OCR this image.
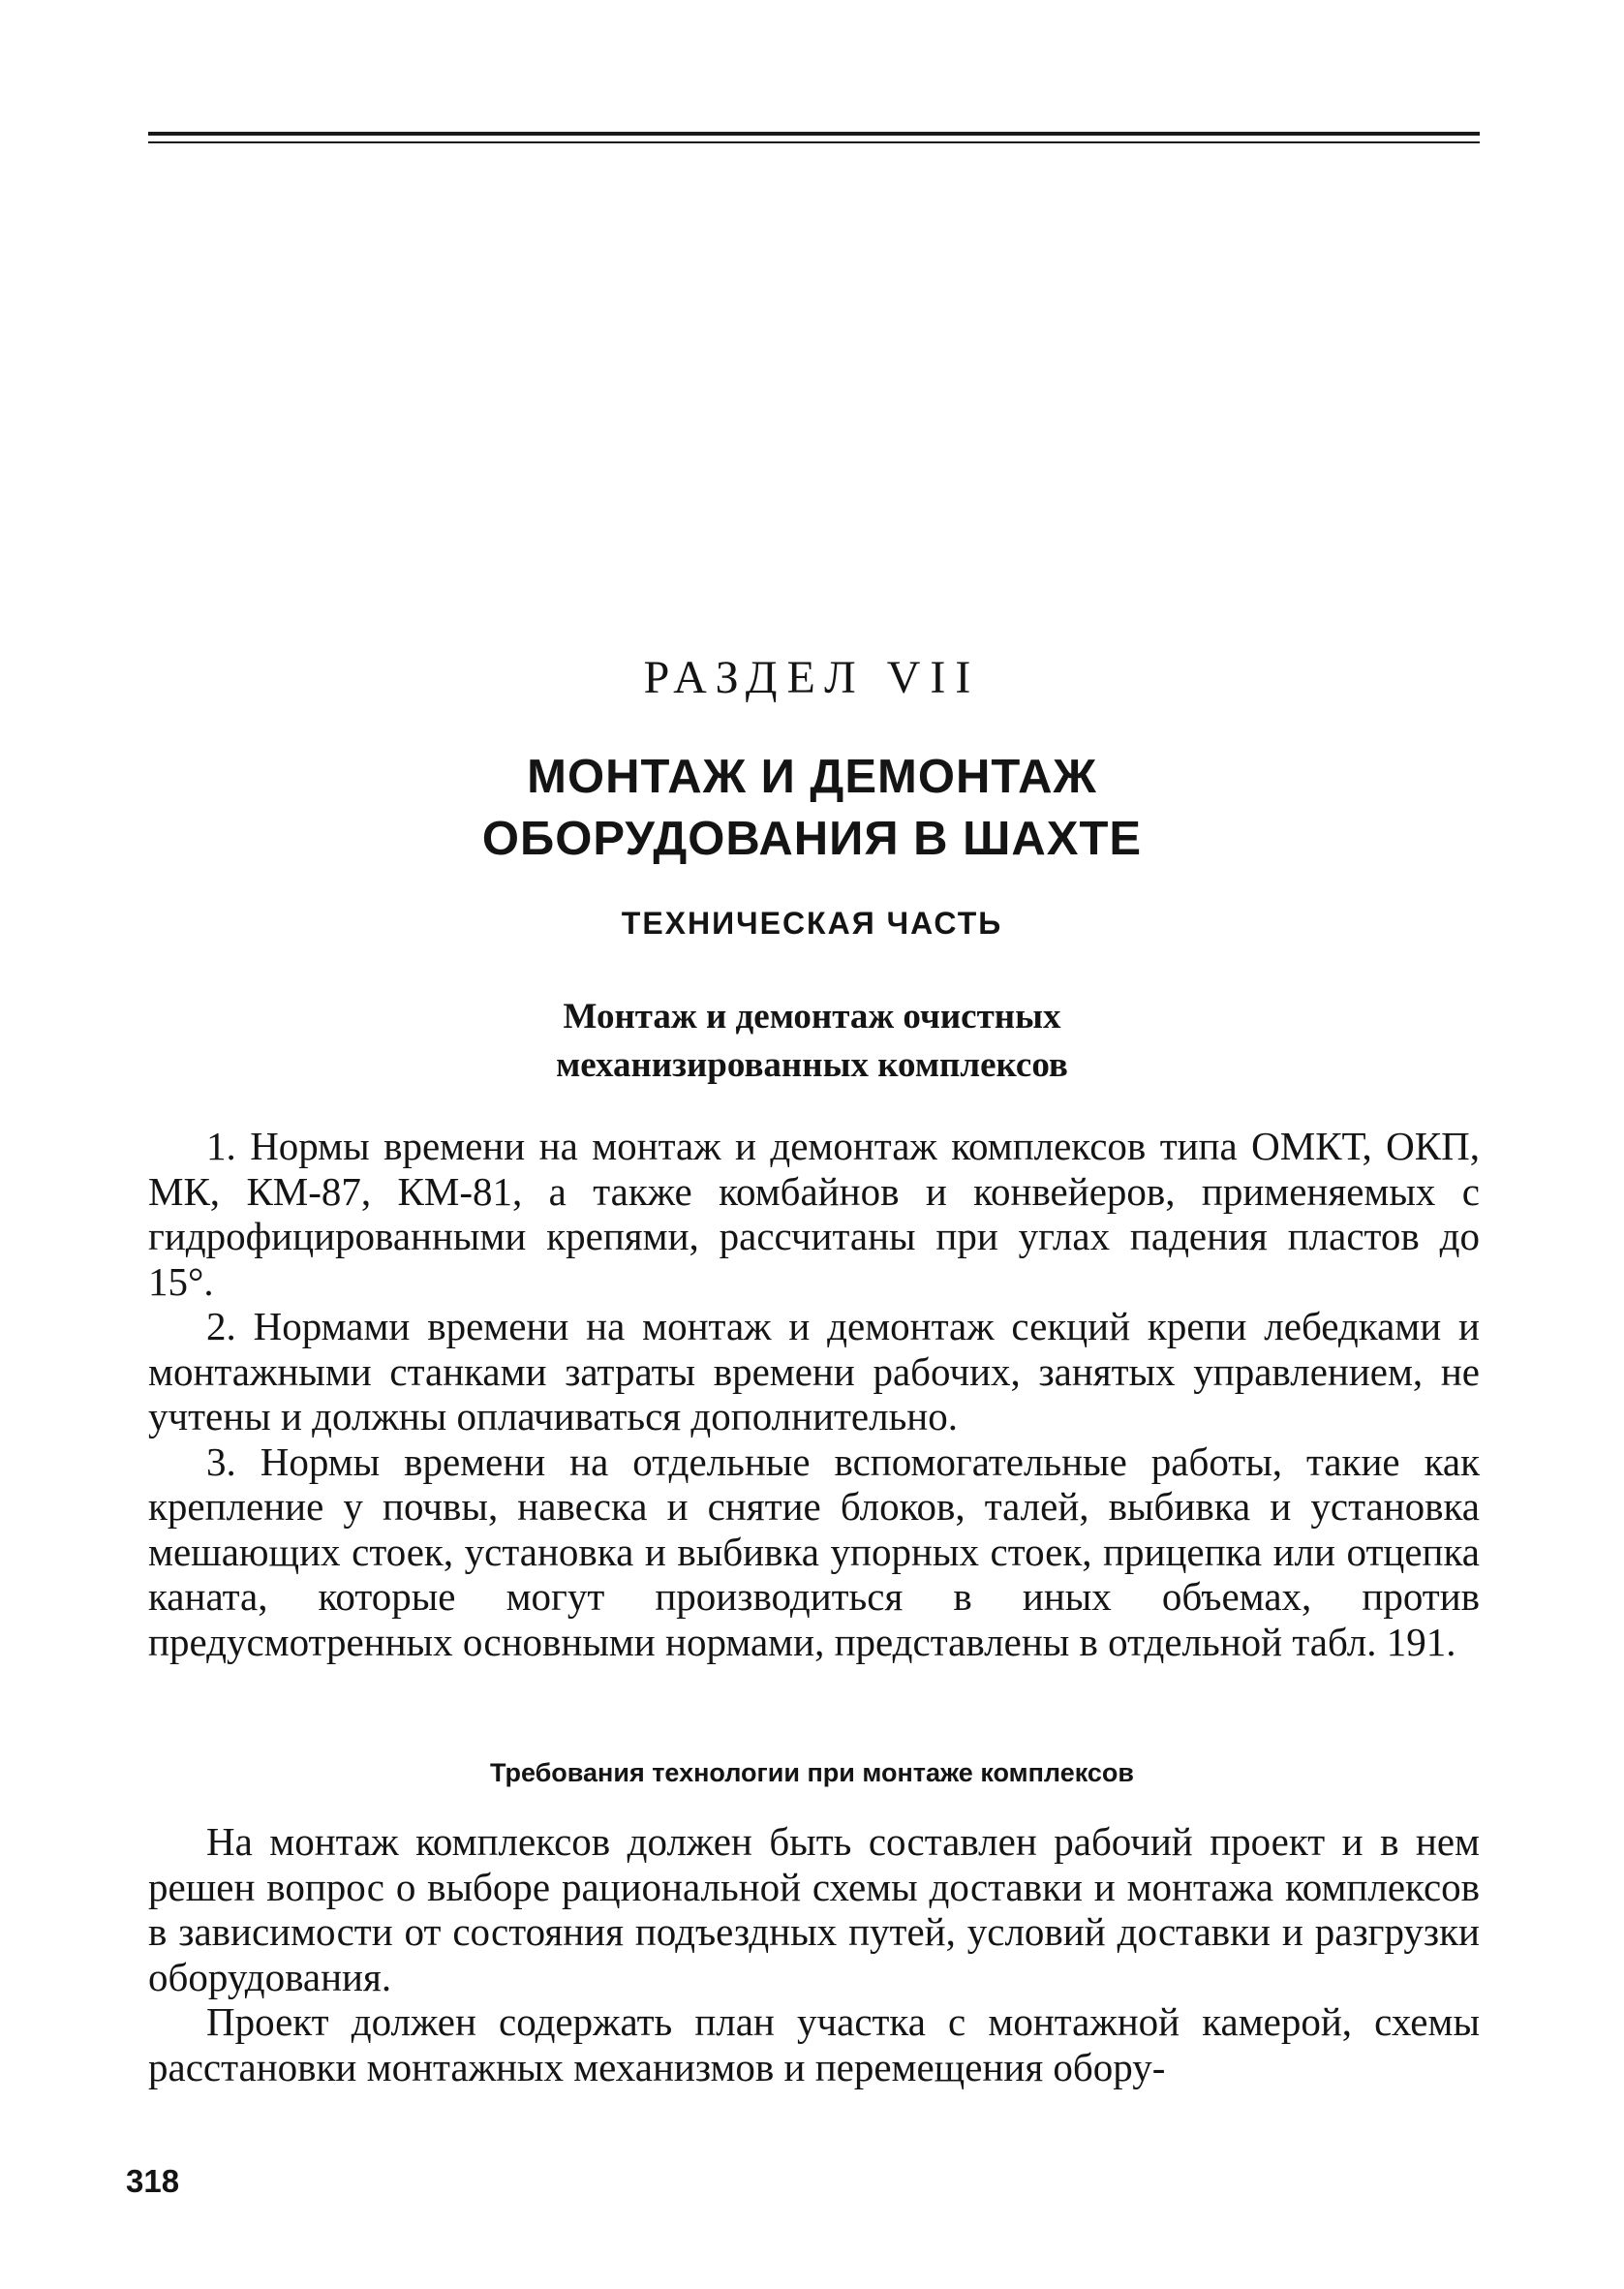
РАЗДЕЛ VII
МОНТАЖ И ДЕМОНТАЖ
ОБОРУДОВАНИЯ В ШАХТЕ
ТЕХНИЧЕСКАЯ ЧАСТЬ
Монтаж и демонтаж очистных
механизированных комплексов

1. Нормы времени на монтаж и демонтаж комплексов типа ОМКТ, ОКП, МК, КМ-87, КМ-81, а также комбайнов и конвейеров, применяемых с гидрофицированными крепями, рассчитаны при углах падения пластов до 15°.

2. Нормами времени на монтаж и демонтаж секций крепи лебедками и монтажными станками затраты времени рабочих, занятых управлением, не учтены и должны оплачиваться дополнительно.

3. Нормы времени на отдельные вспомогательные работы, такие как крепление у почвы, навеска и снятие блоков, талей, выбивка и установка мешающих стоек, установка и выбивка упорных стоек, прицепка или отцепка каната, которые могут производиться в иных объемах, против предусмотренных основными нормами, представлены в отдельной табл. 191.

Требования технологии при монтаже комплексов

На монтаж комплексов должен быть составлен рабочий проект и в нем решен вопрос о выборе рациональной схемы доставки и монтажа комплексов в зависимости от состояния подъездных путей, условий доставки и разгрузки оборудования.

Проект должен содержать план участка с монтажной камерой, схемы расстановки монтажных механизмов и перемещения обору-

318
